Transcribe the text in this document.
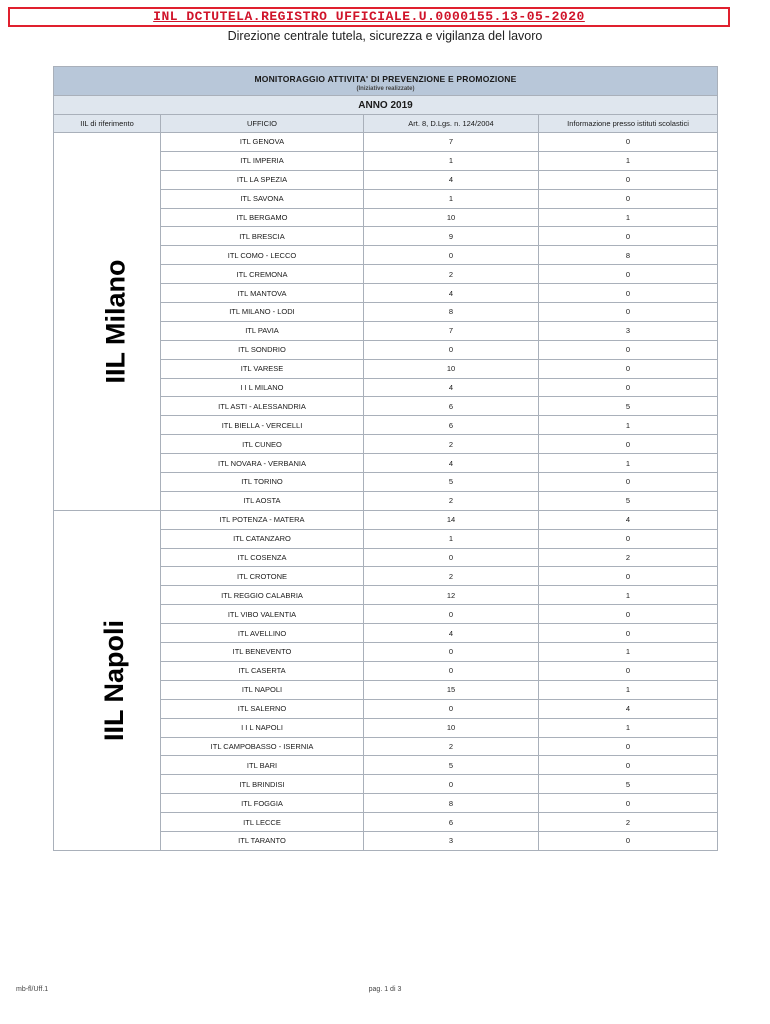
INL_DCTUTELA.REGISTRO UFFICIALE.U.0000155.13-05-2020
Direzione centrale tutela, sicurezza e vigilanza del lavoro
MONITORAGGIO ATTIVITA' DI PREVENZIONE E PROMOZIONE
(Iniziative realizzate)			

ANNO 2019			
IIL di riferimento	UFFICIO	Art. 8, D.Lgs. n. 124/2004	Informazione presso istituti scolastici
IIL Milano	ITL GENOVA	7	0
	ITL IMPERIA	1	1
	ITL LA SPEZIA	4	0
	ITL SAVONA	1	0
	ITL BERGAMO	10	1
	ITL BRESCIA	9	0
	ITL COMO - LECCO	0	8
	ITL CREMONA	2	0
	ITL MANTOVA	4	0
	ITL MILANO - LODI	8	0
	ITL PAVIA	7	3
	ITL SONDRIO	0	0
	ITL VARESE	10	0
	I I L MILANO	4	0
	ITL ASTI - ALESSANDRIA	6	5
	ITL BIELLA - VERCELLI	6	1
	ITL CUNEO	2	0
	ITL NOVARA - VERBANIA	4	1
	ITL TORINO	5	0
	ITL AOSTA	2	5
IIL Napoli	ITL POTENZA - MATERA	14	4
	ITL CATANZARO	1	0
	ITL COSENZA	0	2
	ITL CROTONE	2	0
	ITL REGGIO CALABRIA	12	1
	ITL VIBO VALENTIA	0	0
	ITL AVELLINO	4	0
	ITL BENEVENTO	0	1
	ITL CASERTA	0	0
	ITL NAPOLI	15	1
	ITL SALERNO	0	4
	I I L NAPOLI	10	1
	ITL CAMPOBASSO - ISERNIA	2	0
	ITL BARI	5	0
	ITL BRINDISI	0	5
	ITL FOGGIA	8	0
	ITL LECCE	6	2
	ITL TARANTO	3	0
mb-fl/Uff.1	pag. 1 di 3
